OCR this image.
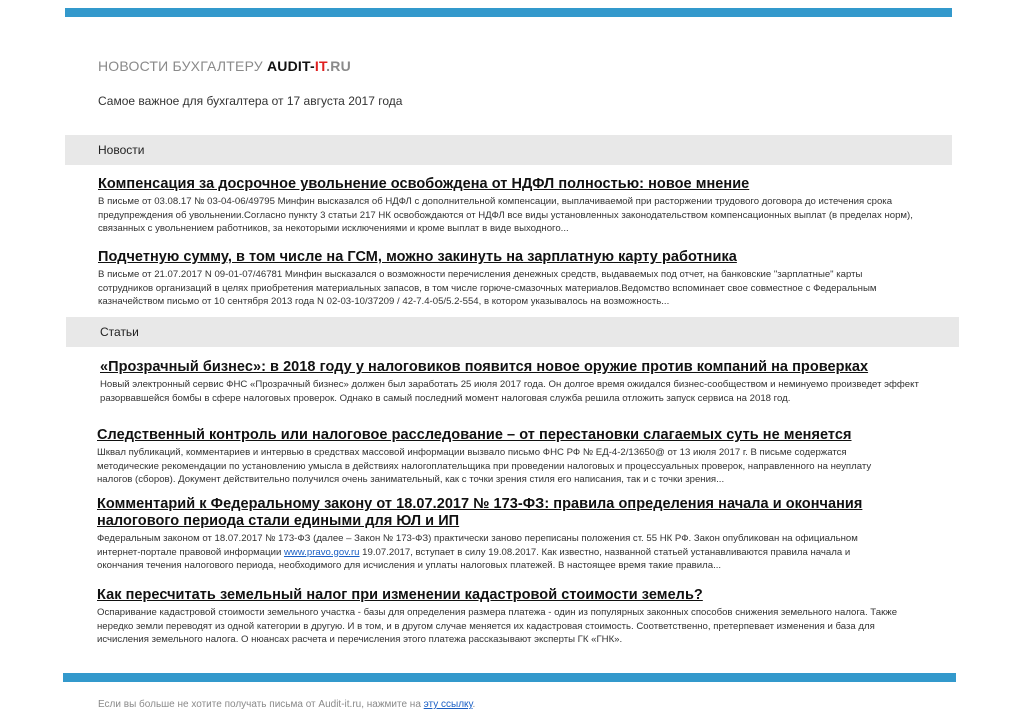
НОВОСТИ БУХГАЛТЕРУ AUDIT-IT.RU
Самое важное для бухгалтера от 17 августа 2017 года
Новости
Компенсация за досрочное увольнение освобождена от НДФЛ полностью: новое мнение
В письме от 03.08.17 № 03-04-06/49795 Минфин высказался об НДФЛ с дополнительной компенсации, выплачиваемой при расторжении трудового договора до истечения срока предупреждения об увольнении.Согласно пункту 3 статьи 217 НК освобождаются от НДФЛ все виды установленных законодательством компенсационных выплат (в пределах норм), связанных с увольнением работников, за некоторыми исключениями и кроме выплат в виде выходного...
Подчетную сумму, в том числе на ГСМ, можно закинуть на зарплатную карту работника
В письме от 21.07.2017 N 09-01-07/46781 Минфин высказался о возможности перечисления денежных средств, выдаваемых под отчет, на банковские "зарплатные" карты сотрудников организаций в целях приобретения материальных запасов, в том числе горюче-смазочных материалов.Ведомство вспоминает свое совместное с Федеральным казначейством письмо от 10 сентября 2013 года N 02-03-10/37209 / 42-7.4-05/5.2-554, в котором указывалось на возможность...
Статьи
«Прозрачный бизнес»: в 2018 году у налоговиков появится новое оружие против компаний на проверках
Новый электронный сервис ФНС «Прозрачный бизнес» должен был заработать 25 июля 2017 года. Он долгое время ожидался бизнес-сообществом и неминуемо произведет эффект разорвавшейся бомбы в сфере налоговых проверок. Однако в самый последний момент налоговая служба решила отложить запуск сервиса на 2018 год.
Следственный контроль или налоговое расследование – от перестановки слагаемых суть не меняется
Шквал публикаций, комментариев и интервью в средствах массовой информации вызвало письмо ФНС РФ № ЕД-4-2/13650@ от 13 июля 2017 г. В письме содержатся методические рекомендации по установлению умысла в действиях налогоплательщика при проведении налоговых и процессуальных проверок, направленного на неуплату налогов (сборов). Документ действительно получился очень занимательный, как с точки зрения стиля его написания, так и с точки зрения...
Комментарий к Федеральному закону от 18.07.2017 № 173-ФЗ: правила определения начала и окончания налогового периода стали едиными для ЮЛ и ИП
Федеральным законом от 18.07.2017 № 173-ФЗ (далее – Закон № 173-ФЗ) практически заново переписаны положения ст. 55 НК РФ. Закон опубликован на официальном интернет-портале правовой информации www.pravo.gov.ru 19.07.2017, вступает в силу 19.08.2017. Как известно, названной статьей устанавливаются правила начала и окончания течения налогового периода, необходимого для исчисления и уплаты налоговых платежей. В настоящее время такие правила...
Как пересчитать земельный налог при изменении кадастровой стоимости земель?
Оспаривание кадастровой стоимости земельного участка - базы для определения размера платежа - один из популярных законных способов снижения земельного налога. Также нередко земли переводят из одной категории в другую. И в том, и в другом случае меняется их кадастровая стоимость. Соответственно, претерпевает изменения и база для исчисления земельного налога. О нюансах расчета и перечисления этого платежа рассказывают эксперты ГК «ГНК».
Если вы больше не хотите получать письма от Audit-it.ru, нажмите на эту ссылку.
